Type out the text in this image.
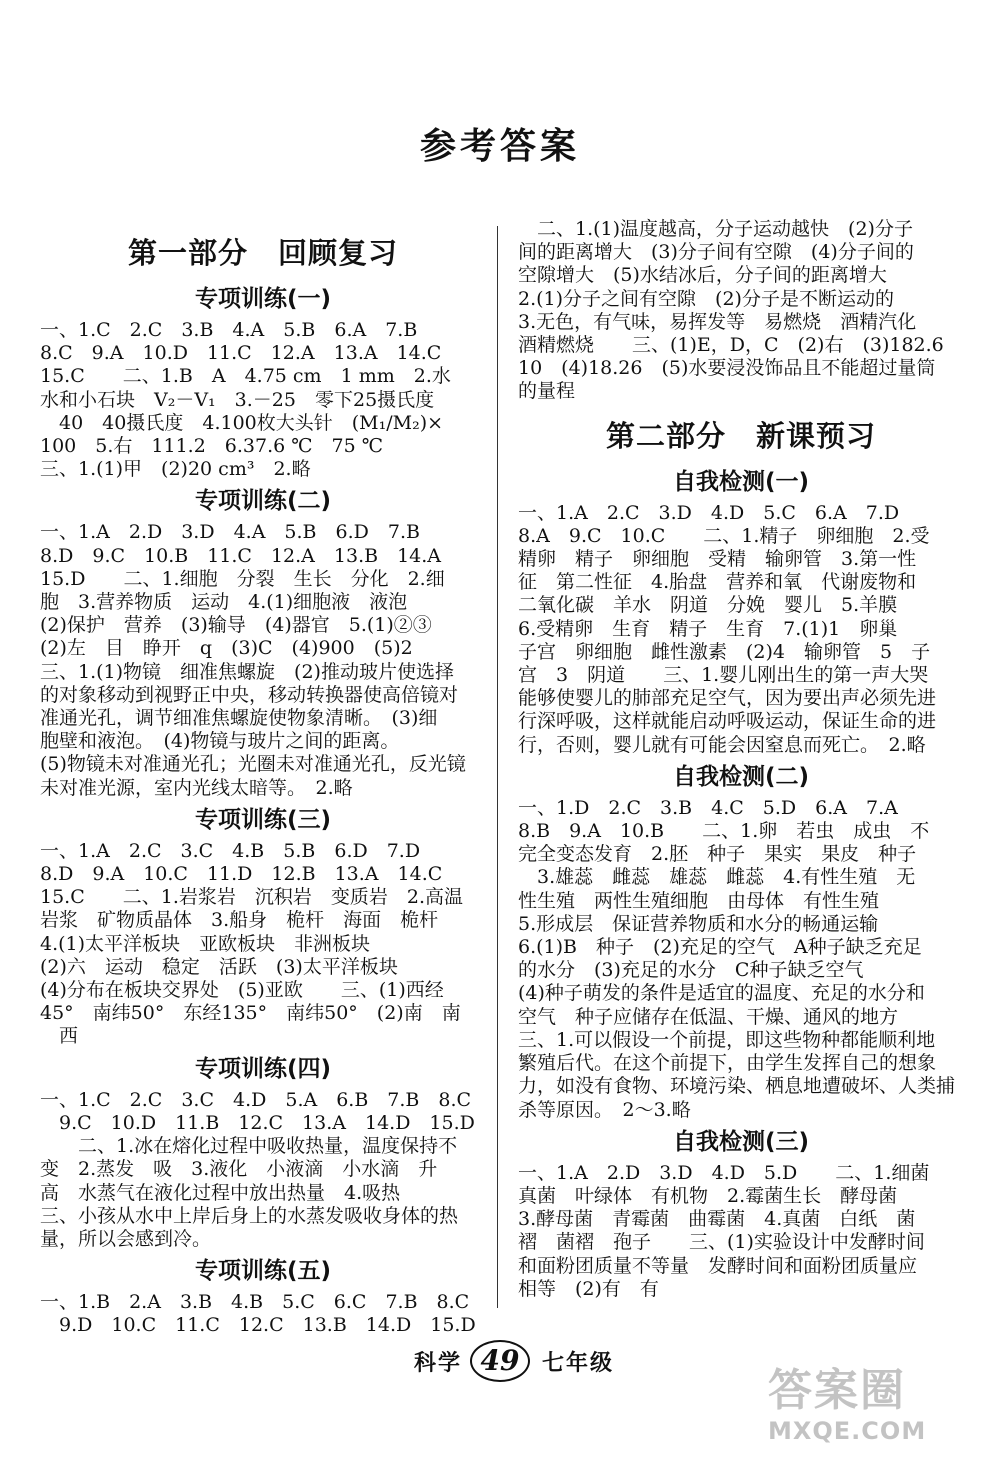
参考答案
第一部分　回顾复习
专项训练(一)
一、1.C　2.C　3.B　4.A　5.B　6.A　7.B
8.C　9.A　10.D　11.C　12.A　13.A　14.C
15.C　　二、1.B　A　4.75 cm　1 mm　2.水
水和小石块　V₂－V₁　3.－25　零下25摄氏度
　40　40摄氏度　4.100枚大头针　(M₁/M₂)×
100　5.右　111.2　6.37.6 ℃　75 ℃
三、1.(1)甲　(2)20 cm³　2.略
专项训练(二)
一、1.A　2.D　3.D　4.A　5.B　6.D　7.B
8.D　9.C　10.B　11.C　12.A　13.B　14.A
15.D　　二、1.细胞　分裂　生长　分化　2.细
胞　3.营养物质　运动　4.(1)细胞液　液泡
(2)保护　营养　(3)输导　(4)器官　5.(1)②③
(2)左　目　睁开　q　(3)C　(4)900　(5)2
三、1.(1)物镜　细准焦螺旋　(2)推动玻片使选择
的对象移动到视野正中央，移动转换器使高倍镜对
准通光孔，调节细准焦螺旋使物象清晰。　(3)细
胞壁和液泡。　(4)物镜与玻片之间的距离。
(5)物镜未对准通光孔；光圈未对准通光孔，反光镜
未对准光源，室内光线太暗等。　2.略
专项训练(三)
一、1.A　2.C　3.C　4.B　5.B　6.D　7.D
8.D　9.A　10.C　11.D　12.B　13.A　14.C
15.C　　二、1.岩浆岩　沉积岩　变质岩　2.高温
岩浆　矿物质晶体　3.船身　桅杆　海面　桅杆
4.(1)太平洋板块　亚欧板块　非洲板块
(2)六　运动　稳定　活跃　(3)太平洋板块
(4)分布在板块交界处　(5)亚欧　　三、(1)西经
45°　南纬50°　东经135°　南纬50°　(2)南　南
　西
专项训练(四)
一、1.C　2.C　3.C　4.D　5.A　6.B　7.B　8.C
　9.C　10.D　11.B　12.C　13.A　14.D　15.D
　　二、1.冰在熔化过程中吸收热量，温度保持不
变　2.蒸发　吸　3.液化　小液滴　小水滴　升
高　水蒸气在液化过程中放出热量　4.吸热
三、小孩从水中上岸后身上的水蒸发吸收身体的热
量，所以会感到冷。
专项训练(五)
一、1.B　2.A　3.B　4.B　5.C　6.C　7.B　8.C
　9.D　10.C　11.C　12.C　13.B　14.D　15.D
　二、1.(1)温度越高，分子运动越快　(2)分子
间的距离增大　(3)分子间有空隙　(4)分子间的
空隙增大　(5)水结冰后，分子间的距离增大
2.(1)分子之间有空隙　(2)分子是不断运动的
3.无色，有气味，易挥发等　易燃烧　酒精汽化
酒精燃烧　　三、(1)E，D，C　(2)右　(3)182.6
10　(4)18.26　(5)水要浸没饰品且不能超过量筒
的量程
第二部分　新课预习
自我检测(一)
一、1.A　2.C　3.D　4.D　5.C　6.A　7.D
8.A　9.C　10.C　　二、1.精子　卵细胞　2.受
精卵　精子　卵细胞　受精　输卵管　3.第一性
征　第二性征　4.胎盘　营养和氧　代谢废物和
二氧化碳　羊水　阴道　分娩　婴儿　5.羊膜
6.受精卵　生育　精子　生育　7.(1)1　卵巢
子宫　卵细胞　雌性激素　(2)4　输卵管　5　子
宫　3　阴道　　三、1.婴儿刚出生的第一声大哭
能够使婴儿的肺部充足空气，因为要出声必须先进
行深呼吸，这样就能启动呼吸运动，保证生命的进
行，否则，婴儿就有可能会因窒息而死亡。　2.略
自我检测(二)
一、1.D　2.C　3.B　4.C　5.D　6.A　7.A
8.B　9.A　10.B　　二、1.卵　若虫　成虫　不
完全变态发育　2.胚　种子　果实　果皮　种子
　3.雄蕊　雌蕊　雄蕊　雌蕊　4.有性生殖　无
性生殖　两性生殖细胞　由母体　有性生殖
5.形成层　保证营养物质和水分的畅通运输
6.(1)B　种子　(2)充足的空气　A种子缺乏充足
的水分　(3)充足的水分　C种子缺乏空气
(4)种子萌发的条件是适宜的温度、充足的水分和
空气　种子应储存在低温、干燥、通风的地方
三、1.可以假设一个前提，即这些物种都能顺利地
繁殖后代。在这个前提下，由学生发挥自己的想象
力，如没有食物、环境污染、栖息地遭破坏、人类捕
杀等原因。　2～3.略
自我检测(三)
一、1.A　2.D　3.D　4.D　5.D　　二、1.细菌
真菌　叶绿体　有机物　2.霉菌生长　酵母菌
3.酵母菌　青霉菌　曲霉菌　4.真菌　白纸　菌
褶　菌褶　孢子　　三、(1)实验设计中发酵时间
和面粉团质量不等量　发酵时间和面粉团质量应
相等　(2)有　有
科学 49	七年级
答案圈
MXQE.COM
